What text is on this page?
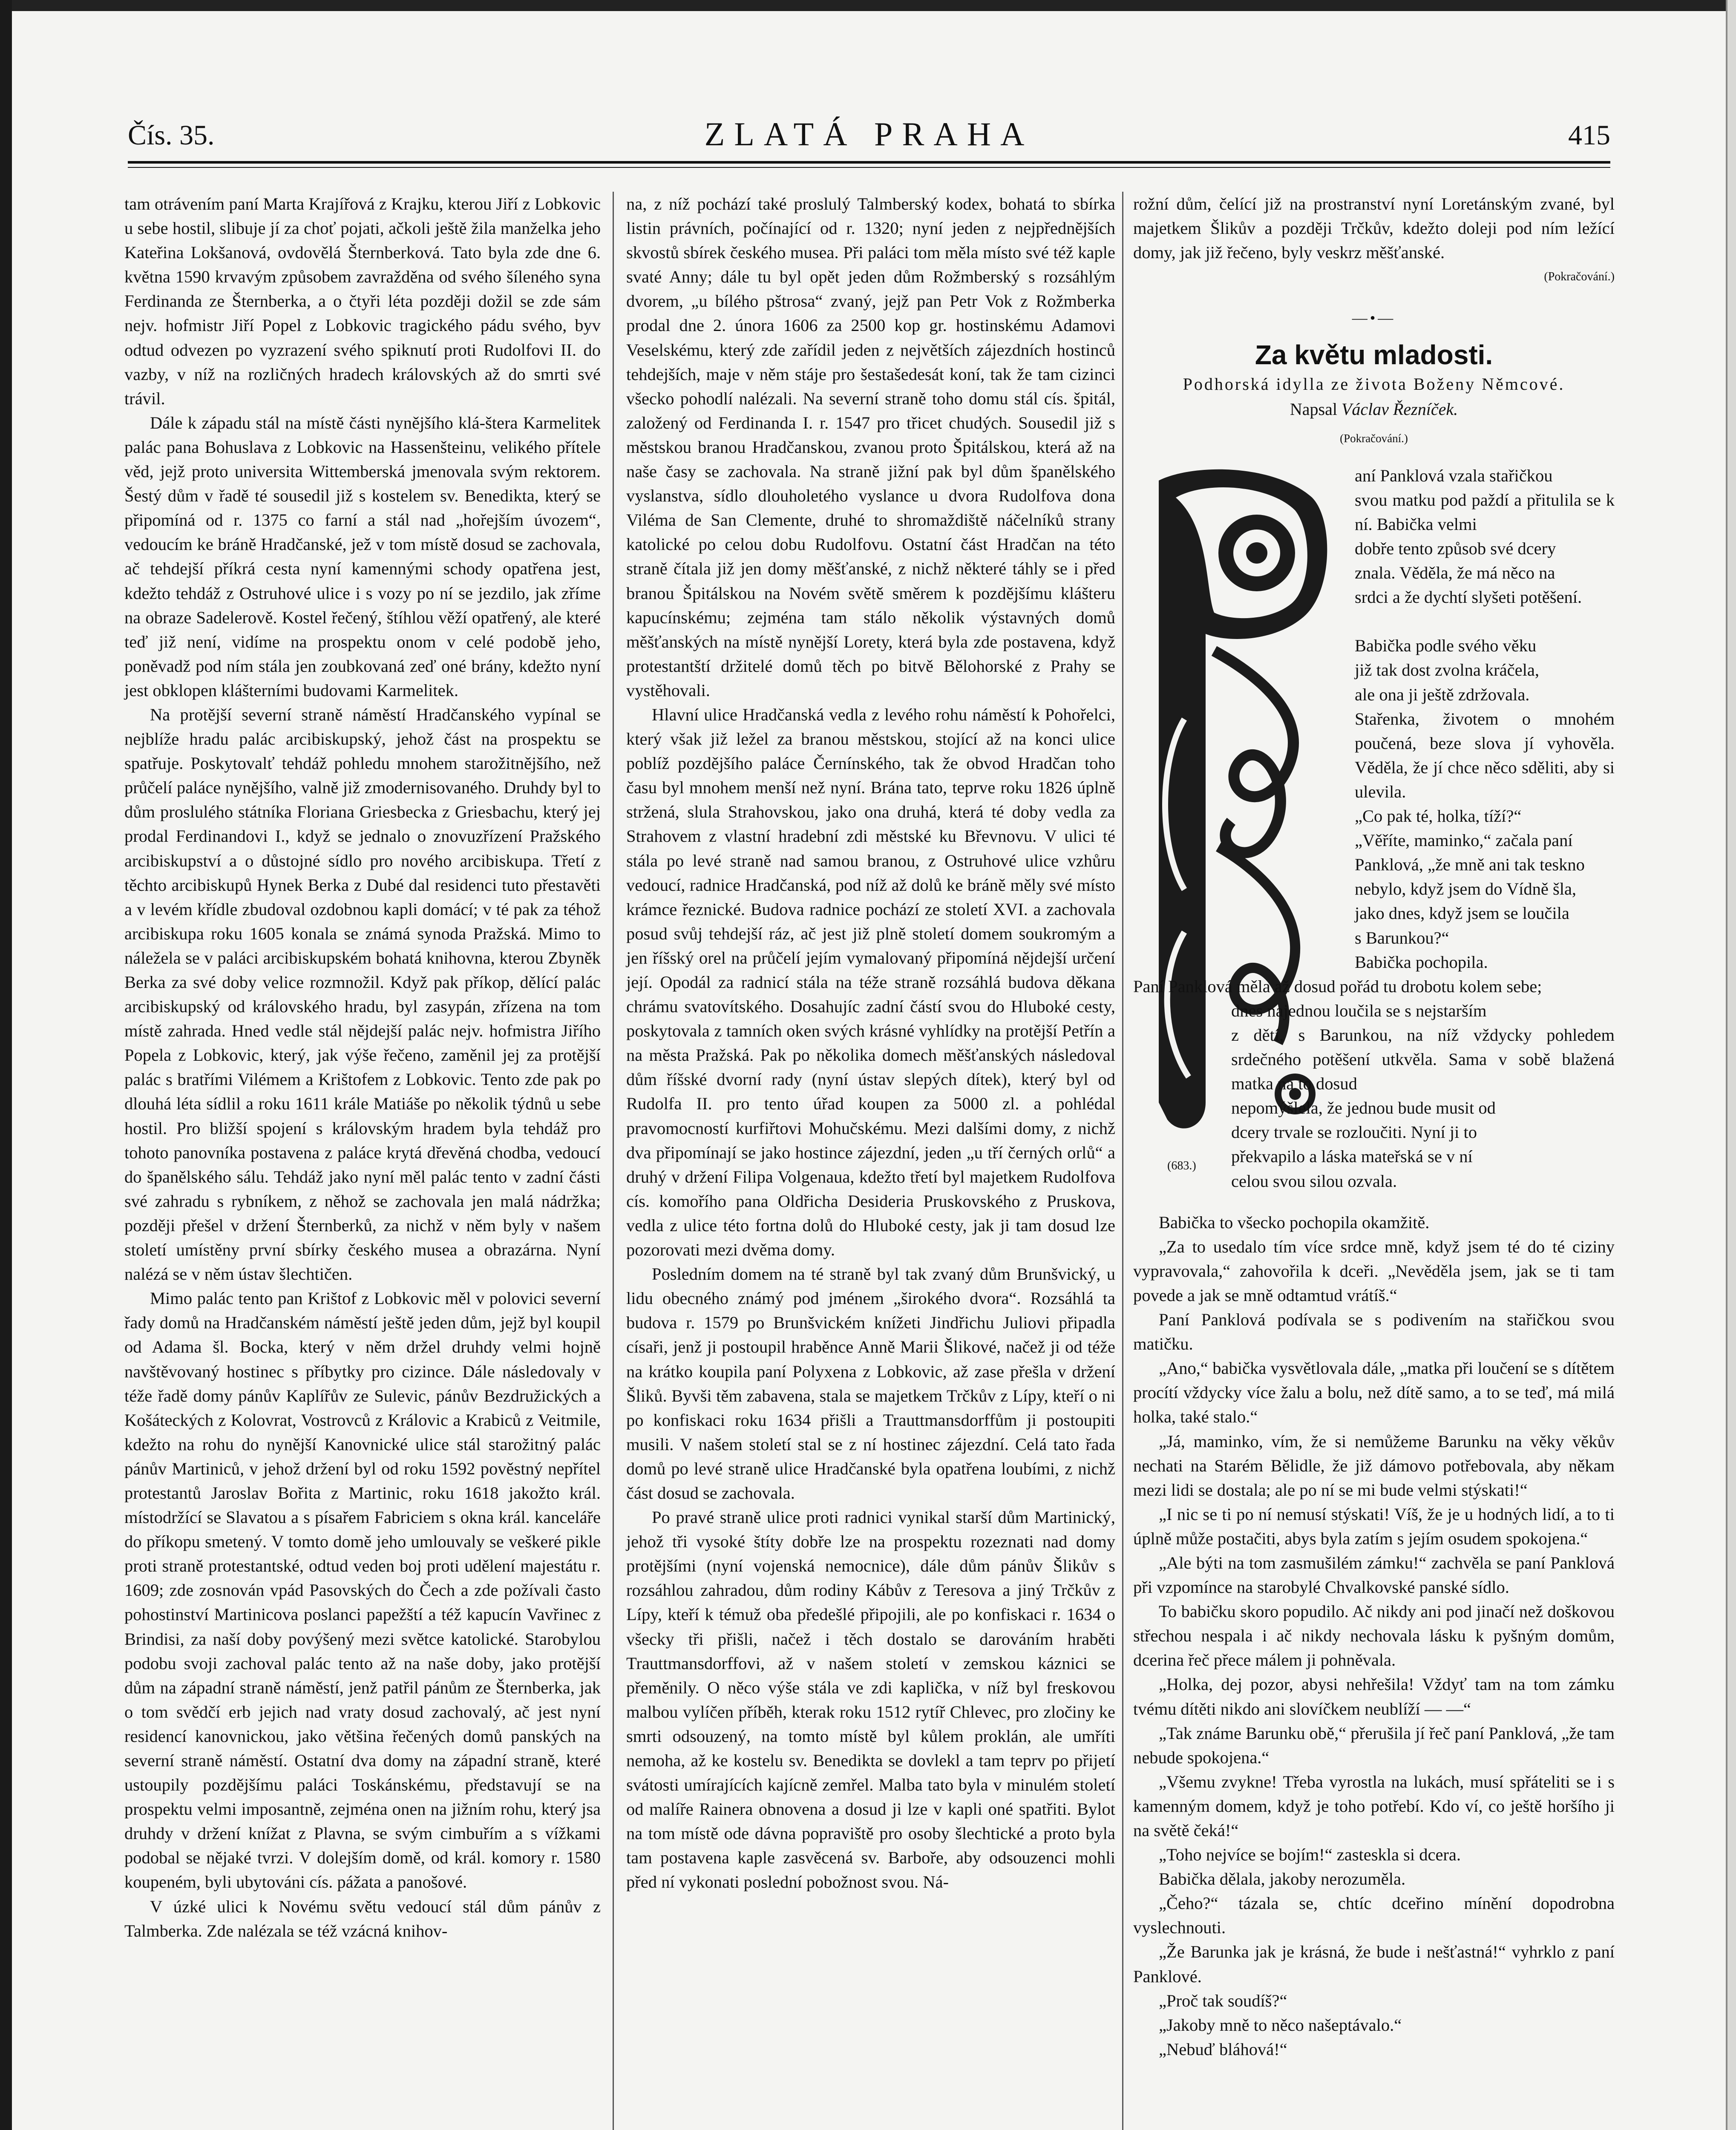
Čís. 35.	ZLATÁ PRAHA	415

tam otrávením paní Marta Krajířová z Krajku, kterou Jiří z Lobkovic u sebe hostil, slibuje jí za choť pojati, ačkoli ještě žila manželka jeho Kateřina Lokšanová, ovdovělá Šternberková. Tato byla zde dne 6. května 1590 krvavým způsobem zavražděna od svého šíleného syna Ferdinanda ze Šternberka, a o čtyři léta později dožil se zde sám nejv. hofmistr Jiří Popel z Lobkovic tragického pádu svého, byv odtud odvezen po vyzrazení svého spiknutí proti Rudolfovi II. do vazby, v níž na rozličných hradech královských až do smrti své trávil.

Dále k západu stál na místě části nynějšího klá-štera Karmelitek palác pana Bohuslava z Lobkovic na Hassenšteinu, velikého přítele věd, jejž proto universita Wittemberská jmenovala svým rektorem. Šestý dům v řadě té sousedil již s kostelem sv. Benedikta, který se připomíná od r. 1375 co farní a stál nad „hořejším úvozem“, vedoucím ke bráně Hradčanské, jež v tom místě dosud se zachovala, ač tehdejší příkrá cesta nyní kamennými schody opatřena jest, kdežto tehdáž z Ostruhové ulice i s vozy po ní se jezdilo, jak zříme na obraze Sadelerově. Kostel řečený, štíhlou věží opatřený, ale které teď již není, vidíme na prospektu onom v celé podobě jeho, poněvadž pod ním stála jen zoubkovaná zeď oné brány, kdežto nyní jest obklopen klášterními budovami Karmelitek.

Na protější severní straně náměstí Hradčanského vypínal se nejblíže hradu palác arcibiskupský, jehož část na prospektu se spatřuje. Poskytovalť tehdáž pohledu mnohem starožitnějšího, než průčelí paláce nynějšího, valně již zmodernisovaného. Druhdy byl to dům proslulého státníka Floriana Griesbecka z Griesbachu, který jej prodal Ferdinandovi I., když se jednalo o znovuzřízení Pražského arcibiskupství a o důstojné sídlo pro nového arcibiskupa. Třetí z těchto arcibiskupů Hynek Berka z Dubé dal residenci tuto přestavěti a v levém křídle zbudoval ozdobnou kapli domácí; v té pak za téhož arcibiskupa roku 1605 konala se známá synoda Pražská. Mimo to náležela se v paláci arcibiskupském bohatá knihovna, kterou Zbyněk Berka za své doby velice rozmnožil. Když pak příkop, dělící palác arcibiskupský od královského hradu, byl zasypán, zřízena na tom místě zahrada. Hned vedle stál nějdejší palác nejv. hofmistra Jiřího Popela z Lobkovic, který, jak výše řečeno, zaměnil jej za protější palác s bratřími Vilémem a Krištofem z Lobkovic. Tento zde pak po dlouhá léta sídlil a roku 1611 krále Matiáše po několik týdnů u sebe hostil. Pro bližší spojení s královským hradem byla tehdáž pro tohoto panovníka postavena z paláce krytá dřevěná chodba, vedoucí do španělského sálu. Tehdáž jako nyní měl palác tento v zadní části své zahradu s rybníkem, z něhož se zachovala jen malá nádržka; později přešel v držení Šternberků, za nichž v něm byly v našem století umístěny první sbírky českého musea a obrazárna. Nyní nalézá se v něm ústav šlechtičen.

Mimo palác tento pan Krištof z Lobkovic měl v polovici severní řady domů na Hradčanském náměstí ještě jeden dům, jejž byl koupil od Adama šl. Bocka, který v něm držel druhdy velmi hojně navštěvovaný hostinec s příbytky pro cizince. Dále následovaly v téže řadě domy pánův Kaplířův ze Sulevic, pánův Bezdružických a Košáteckých z Kolovrat, Vostrovců z Královic a Krabiců z Veitmile, kdežto na rohu do nynější Kanovnické ulice stál starožitný palác pánův Martiniců, v jehož držení byl od roku 1592 pověstný nepřítel protestantů Jaroslav Bořita z Martinic, roku 1618 jakožto král. místodržící se Slavatou a s písařem Fabriciem s okna král. kanceláře do příkopu smetený. V tomto domě jeho umlouvaly se veškeré pikle proti straně protestantské, odtud veden boj proti udělení majestátu r. 1609; zde zosnován vpád Pasovských do Čech a zde požívali často pohostinství Martinicova poslanci papežští a též kapucín Vavřinec z Brindisi, za naší doby povýšený mezi světce katolické. Starobylou podobu svoji zachoval palác tento až na naše doby, jako protější dům na západní straně náměstí, jenž patřil pánům ze Šternberka, jak o tom svědčí erb jejich nad vraty dosud zachovalý, ač jest nyní residencí kanovnickou, jako většina řečených domů panských na severní straně náměstí. Ostatní dva domy na západní straně, které ustoupily pozdějšímu paláci Toskánskému, představují se na prospektu velmi imposantně, zejména onen na jižním rohu, který jsa druhdy v držení knížat z Plavna, se svým cimbuřím a s vížkami podobal se nějaké tvrzi. V dolejším domě, od král. komory r. 1580 koupeném, byli ubytováni cís. pážata a panošové.

V úzké ulici k Novému světu vedoucí stál dům pánův z Talmberka. Zde nalézala se též vzácná knihov-

na, z níž pochází také proslulý Talmberský kodex, bohatá to sbírka listin právních, počínající od r. 1320; nyní jeden z nejpřednějších skvostů sbírek českého musea. Při paláci tom měla místo své též kaple svaté Anny; dále tu byl opět jeden dům Rožmberský s rozsáhlým dvorem, „u bílého pštrosa“ zvaný, jejž pan Petr Vok z Rožmberka prodal dne 2. února 1606 za 2500 kop gr. hostinskému Adamovi Veselskému, který zde zařídil jeden z největších zájezdních hostinců tehdejších, maje v něm stáje pro šestašedesát koní, tak že tam cizinci všecko pohodlí nalézali. Na severní straně toho domu stál cís. špitál, založený od Ferdinanda I. r. 1547 pro třicet chudých. Sousedil již s městskou branou Hradčanskou, zvanou proto Špitálskou, která až na naše časy se zachovala. Na straně jižní pak byl dům španělského vyslanstva, sídlo dlouholetého vyslance u dvora Rudolfova dona Viléma de San Clemente, druhé to shromaždiště náčelníků strany katolické po celou dobu Rudolfovu. Ostatní část Hradčan na této straně čítala již jen domy měšťanské, z nichž některé táhly se i před branou Špitálskou na Novém světě směrem k pozdějšímu klášteru kapucínskému; zejména tam stálo několik výstavných domů měšťanských na místě nynější Lorety, která byla zde postavena, když protestantští držitelé domů těch po bitvě Bělohorské z Prahy se vystěhovali.

Hlavní ulice Hradčanská vedla z levého rohu náměstí k Pohořelci, který však již ležel za branou městskou, stojící až na konci ulice poblíž pozdějšího paláce Černínského, tak že obvod Hradčan toho času byl mnohem menší než nyní. Brána tato, teprve roku 1826 úplně stržená, slula Strahovskou, jako ona druhá, která té doby vedla za Strahovem z vlastní hradební zdi městské ku Břevnovu. V ulici té stála po levé straně nad samou branou, z Ostruhové ulice vzhůru vedoucí, radnice Hradčanská, pod níž až dolů ke bráně měly své místo krámce řeznické. Budova radnice pochází ze století XVI. a zachovala posud svůj tehdejší ráz, ač jest již plně století domem soukromým a jen říšský orel na průčelí jejím vymalovaný připomíná nějdejší určení její. Opodál za radnicí stála na téže straně rozsáhlá budova děkana chrámu svatovítského. Dosahujíc zadní částí svou do Hluboké cesty, poskytovala z tamních oken svých krásné vyhlídky na protější Petřín a na města Pražská. Pak po několika domech měšťanských následoval dům říšské dvorní rady (nyní ústav slepých dítek), který byl od Rudolfa II. pro tento úřad koupen za 5000 zl. a pohlédal pravomocností kurfiřtovi Mohučskému. Mezi dalšími domy, z nichž dva připomínají se jako hostince zájezdní, jeden „u tří černých orlů“ a druhý v držení Filipa Volgenaua, kdežto třetí byl majetkem Rudolfova cís. komořího pana Oldřicha Desideria Pruskovského z Pruskova, vedla z ulice této fortna dolů do Hluboké cesty, jak ji tam dosud lze pozorovati mezi dvěma domy.

Posledním domem na té straně byl tak zvaný dům Brunšvický, u lidu obecného známý pod jménem „širokého dvora“. Rozsáhlá ta budova r. 1579 po Brunšvickém knížeti Jindřichu Juliovi připadla císaři, jenž ji postoupil hraběnce Anně Marii Šlikové, načež ji od téže na krátko koupila paní Polyxena z Lobkovic, až zase přešla v držení Šliků. Byvši těm zabavena, stala se majetkem Trčkův z Lípy, kteří o ni po konfiskaci roku 1634 přišli a Trauttmansdorffům ji postoupiti musili. V našem století stal se z ní hostinec zájezdní. Celá tato řada domů po levé straně ulice Hradčanské byla opatřena loubími, z nichž část dosud se zachovala.

Po pravé straně ulice proti radnici vynikal starší dům Martinický, jehož tři vysoké štíty dobře lze na prospektu rozeznati nad domy protějšími (nyní vojenská nemocnice), dále dům pánův Šlikův s rozsáhlou zahradou, dům rodiny Kábův z Teresova a jiný Trčkův z Lípy, kteří k témuž oba předešlé připojili, ale po konfiskaci r. 1634 o všecky tři přišli, načež i těch dostalo se darováním hraběti Trauttmansdorffovi, až v našem století v zemskou káznici se přeměnily. O něco výše stála ve zdi kaplička, v níž byl freskovou malbou vylíčen příběh, kterak roku 1512 rytíř Chlevec, pro zločiny ke smrti odsouzený, na tomto místě byl kůlem proklán, ale umříti nemoha, až ke kostelu sv. Benedikta se dovlekl a tam teprv po přijetí svátosti umírajících kajícně zemřel. Malba tato byla v minulém století od malíře Rainera obnovena a dosud ji lze v kapli oné spatřiti. Bylot na tom místě ode dávna popraviště pro osoby šlechtické a proto byla tam postavena kaple zasvěcená sv. Barboře, aby odsouzenci mohli před ní vykonati poslední pobožnost svou. Ná-

rožní dům, čelící již na prostranství nyní Loretánským zvané, byl majetkem Šlikův a později Trčkův, kdežto doleji pod ním ležící domy, jak již řečeno, byly veskrz měšťanské.

(Pokračování.)
―•―
Za květu mladosti.
Podhorská idylla ze života Boženy Němcové.
Napsal Václav Řezníček.
(Pokračování.)
(683.)
aní Panklová vzala stařičkou
svou matku pod paždí a přitulila se k ní. Babička velmi
dobře tento způsob své dcery
znala. Věděla, že má něco na
srdci a že dychtí slyšeti potěšení.
Babička podle svého věku
již tak dost zvolna kráčela,
ale ona ji ještě zdržovala.
Stařenka, životem o mnohém poučená, beze slova jí vyhověla. Věděla, že jí chce něco sděliti, aby si ulevila.
„Co pak té, holka, tíží?“
„Věříte, maminko,“ začala paní
Panklová, „že mně ani tak teskno
nebylo, když jsem do Vídně šla,
jako dnes, když jsem se loučila
s Barunkou?“
Babička pochopila.
Paní Panklová měla až dosud pořád tu drobotu kolem sebe;
dnes najednou loučila se s nejstarším
z dětí, s Barunkou, na níž vždycky pohledem srdečného potěšení utkvěla. Sama v sobě blažená matka na to dosud
nepomýšlela, že jednou bude musit od
dcery trvale se rozloučiti. Nyní ji to
překvapilo a láska mateřská se v ní
celou svou silou ozvala.

Babička to všecko pochopila okamžitě.

„Za to usedalo tím více srdce mně, když jsem té do té ciziny vypravovala,“ zahovořila k dceři. „Nevěděla jsem, jak se ti tam povede a jak se mně odtamtud vrátíš.“

Paní Panklová podívala se s podivením na stařičkou svou matičku.

„Ano,“ babička vysvětlovala dále, „matka při loučení se s dítětem procítí vždycky více žalu a bolu, než dítě samo, a to se teď, má milá holka, také stalo.“

„Já, maminko, vím, že si nemůžeme Barunku na věky věkův nechati na Starém Bělidle, že již dámovo potřebovala, aby někam mezi lidi se dostala; ale po ní se mi bude velmi stýskati!“

„I nic se ti po ní nemusí stýskati! Víš, že je u hodných lidí, a to ti úplně může postačiti, abys byla zatím s jejím osudem spokojena.“

„Ale býti na tom zasmušilém zámku!“ zachvěla se paní Panklová při vzpomínce na starobylé Chvalkovské panské sídlo.

To babičku skoro popudilo. Ač nikdy ani pod jinačí než doškovou střechou nespala i ač nikdy nechovala lásku k pyšným domům, dcerina řeč přece málem ji pohněvala.

„Holka, dej pozor, abysi nehřešila! Vždyť tam na tom zámku tvému dítěti nikdo ani slovíčkem neublíží — —“

„Tak známe Barunku obě,“ přerušila jí řeč paní Panklová, „že tam nebude spokojena.“

„Všemu zvykne! Třeba vyrostla na lukách, musí spřáteliti se i s kamenným domem, když je toho potřebí. Kdo ví, co ještě horšího ji na světě čeká!“

„Toho nejvíce se bojím!“ zasteskla si dcera.

Babička dělala, jakoby nerozuměla.

„Čeho?“ tázala se, chtíc dceřino mínění dopodrobna vyslechnouti.

„Že Barunka jak je krásná, že bude i nešťastná!“ vyhrklo z paní Panklové.

„Proč tak soudíš?“

„Jakoby mně to něco našeptávalo.“

„Nebuď bláhová!“
